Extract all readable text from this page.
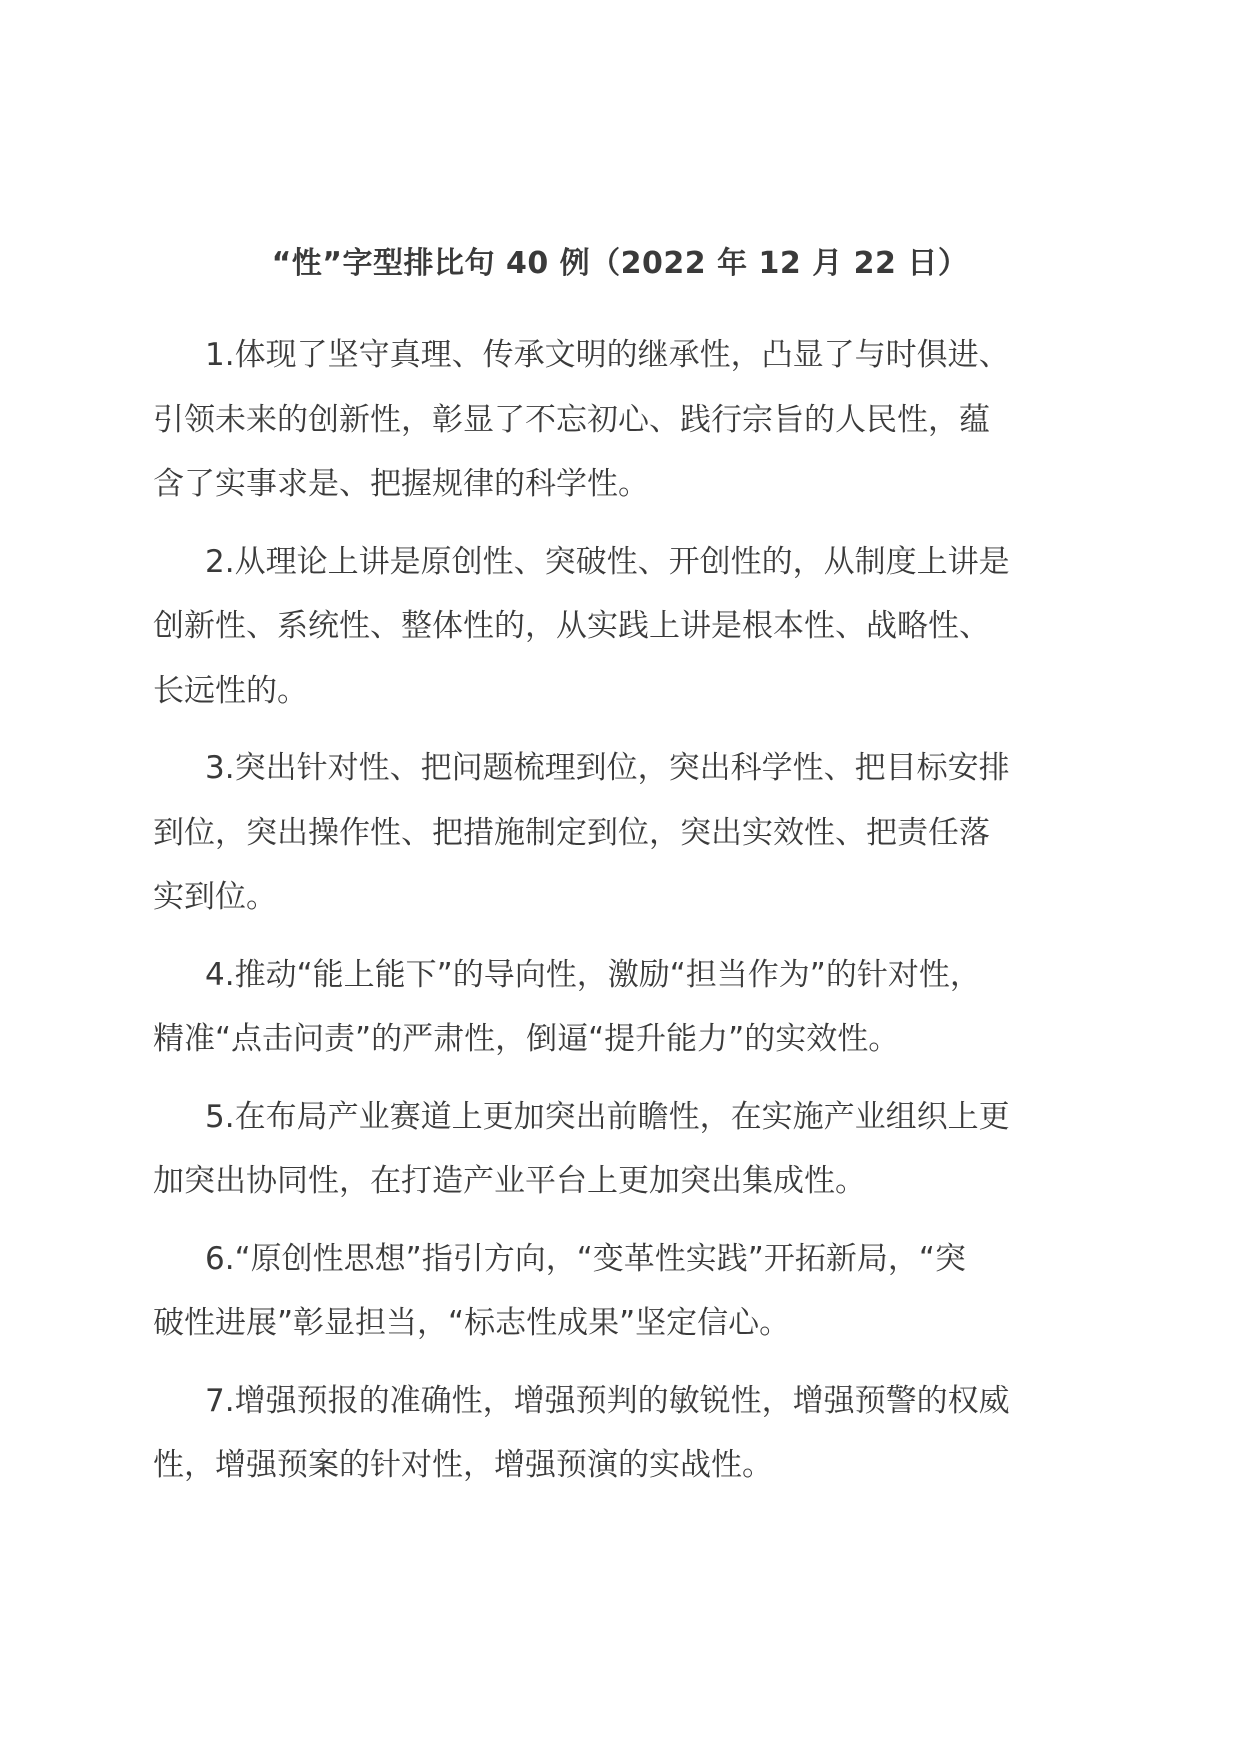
“性”字型排比句 40 例（2022 年 12 月 22 日）
1.体现了坚守真理、传承文明的继承性，凸显了与时俱进、
引领未来的创新性，彰显了不忘初心、践行宗旨的人民性，蕴
含了实事求是、把握规律的科学性。
2.从理论上讲是原创性、突破性、开创性的，从制度上讲是
创新性、系统性、整体性的，从实践上讲是根本性、战略性、
长远性的。
3.突出针对性、把问题梳理到位，突出科学性、把目标安排
到位，突出操作性、把措施制定到位，突出实效性、把责任落
实到位。
4.推动“能上能下”的导向性，激励“担当作为”的针对性，
精准“点击问责”的严肃性，倒逼“提升能力”的实效性。
5.在布局产业赛道上更加突出前瞻性，在实施产业组织上更
加突出协同性，在打造产业平台上更加突出集成性。
6.“原创性思想”指引方向，“变革性实践”开拓新局，“突
破性进展”彰显担当，“标志性成果”坚定信心。
7.增强预报的准确性，增强预判的敏锐性，增强预警的权威
性，增强预案的针对性，增强预演的实战性。
